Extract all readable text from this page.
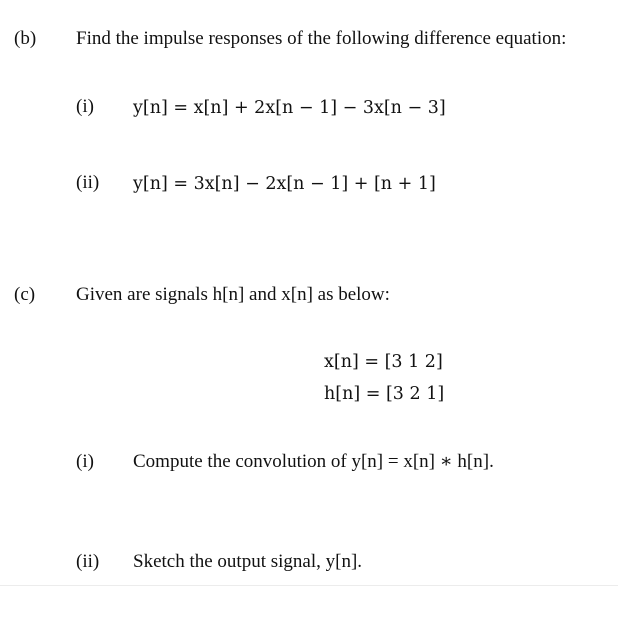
(b) Find the impulse responses of the following difference equation:
(i) y[n] = x[n] + 2x[n − 1] − 3x[n − 3]
(ii) y[n] = 3x[n] − 2x[n − 1] + [n + 1]
(c) Given are signals h[n] and x[n] as below:
x[n] = [3 1 2]
h[n] = [3 2 1]
(i) Compute the convolution of y[n] = x[n] ∗ h[n].
(ii) Sketch the output signal, y[n].
